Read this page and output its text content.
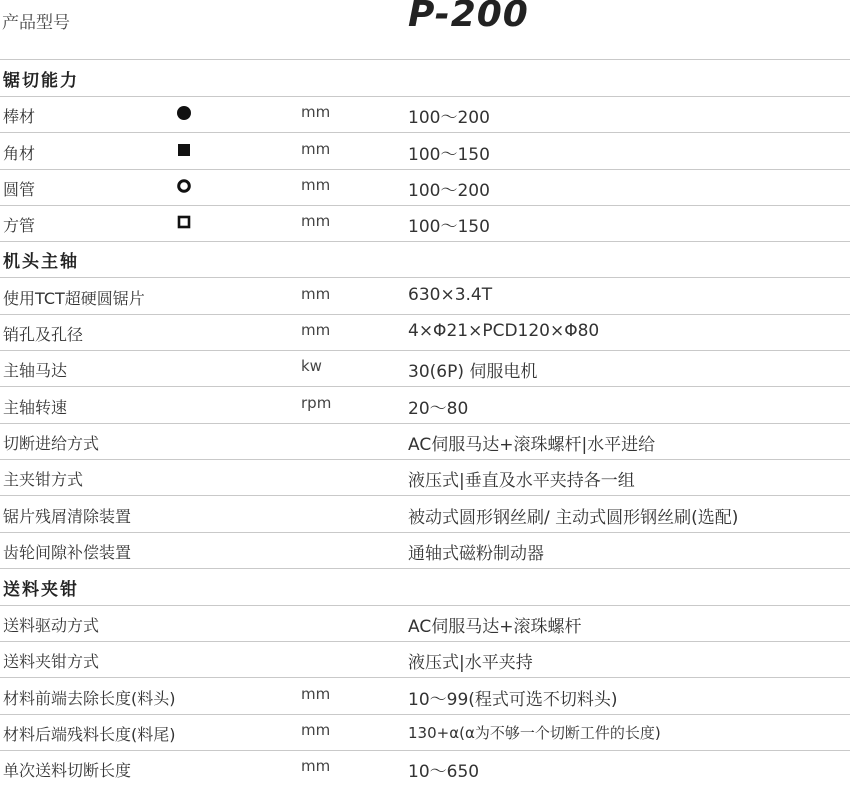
产品型号	P-200
锯切能力
棒材	mm	100～200
角材	mm	100～150
圆管	mm	100～200
方管	mm	100～150
机头主轴
使用TCT超硬圆锯片	mm	630×3.4T
销孔及孔径	mm	4×Φ21×PCD120×Φ80
主轴马达	kw	30(6P) 伺服电机
主轴转速	rpm	20～80
切断进给方式	AC伺服马达+滚珠螺杆|水平进给
主夹钳方式	液压式|垂直及水平夹持各一组
锯片残屑清除装置	被动式圆形钢丝刷/ 主动式圆形钢丝刷(选配)
齿轮间隙补偿装置	通轴式磁粉制动器
送料夹钳
送料驱动方式	AC伺服马达+滚珠螺杆
送料夹钳方式	液压式|水平夹持
材料前端去除长度(料头)	mm	10～99(程式可选不切料头)
材料后端残料长度(料尾)	mm	130+α(α为不够一个切断工件的长度)
单次送料切断长度	mm	10～650
